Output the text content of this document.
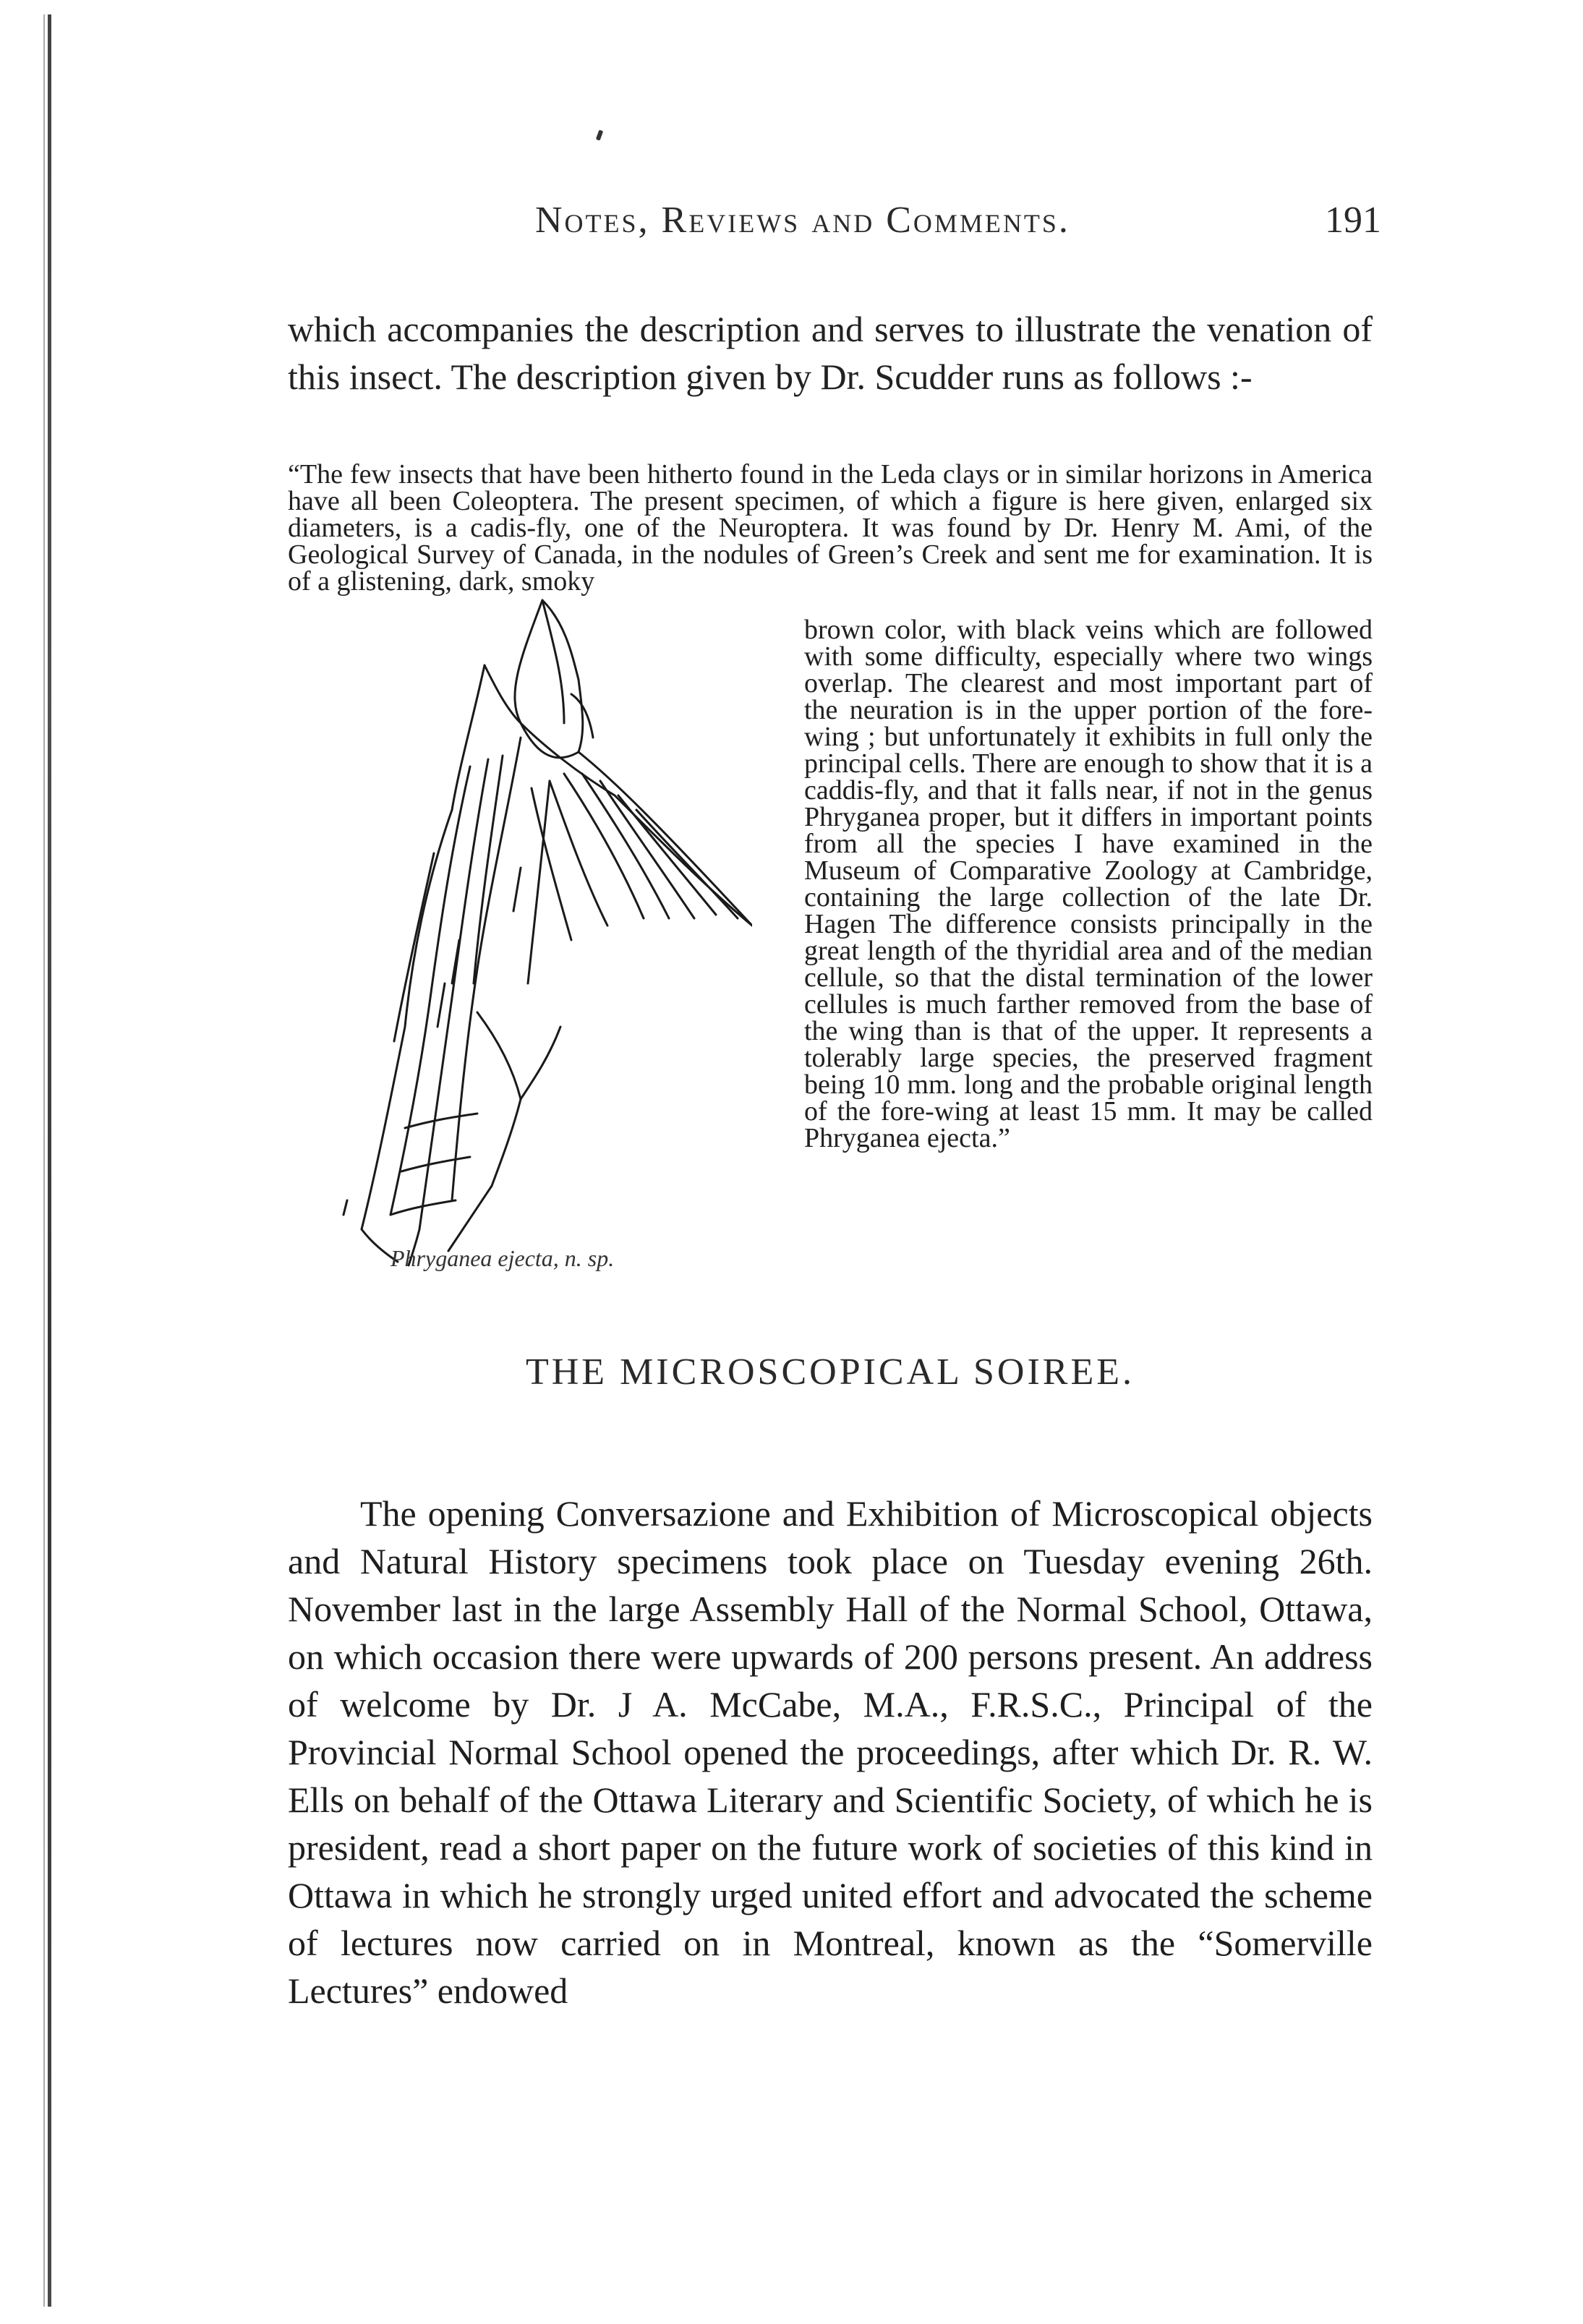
Notes, Reviews and Comments.	191

which accompanies the description and serves to illustrate the venation of this insect. The description given by Dr. Scudder runs as follows :-

“The few insects that have been hitherto found in the Leda clays or in similar horizons in America have all been Coleoptera. The present specimen, of which a figure is here given, enlarged six diameters, is a cadis-fly, one of the Neuroptera. It was found by Dr. Henry M. Ami, of the Geological Survey of Canada, in the nodules of Green’s Creek and sent me for examination. It is of a glistening, dark, smoky

Phryganea ejecta, n. sp.

brown color, with black veins which are followed with some difficulty, especially where two wings overlap. The clearest and most important part of the neuration is in the upper portion of the fore-wing ; but unfortunately it exhibits in full only the principal cells. There are enough to show that it is a caddis-fly, and that it falls near, if not in the genus Phryganea proper, but it differs in important points from all the species I have examined in the Museum of Comparative Zoology at Cambridge, containing the large collection of the late Dr. Hagen The difference consists principally in the great length of the thyridial area and of the median cellule, so that the distal termination of the lower cellules is much farther removed from the base of the wing than is that of the upper. It represents a tolerably large species, the preserved fragment being 10 mm. long and the probable original length of the fore-wing at least 15 mm. It may be called Phryganea ejecta.”

THE MICROSCOPICAL SOIREE.

The opening Conversazione and Exhibition of Microscopical objects and Natural History specimens took place on Tuesday evening 26th. November last in the large Assembly Hall of the Normal School, Ottawa, on which occasion there were upwards of 200 persons present. An address of welcome by Dr. J A. McCabe, M.A., F.R.S.C., Principal of the Provincial Normal School opened the proceedings, after which Dr. R. W. Ells on behalf of the Ottawa Literary and Scientific Society, of which he is president, read a short paper on the future work of societies of this kind in Ottawa in which he strongly urged united effort and advocated the scheme of lectures now carried on in Montreal, known as the “Somerville Lectures” endowed
